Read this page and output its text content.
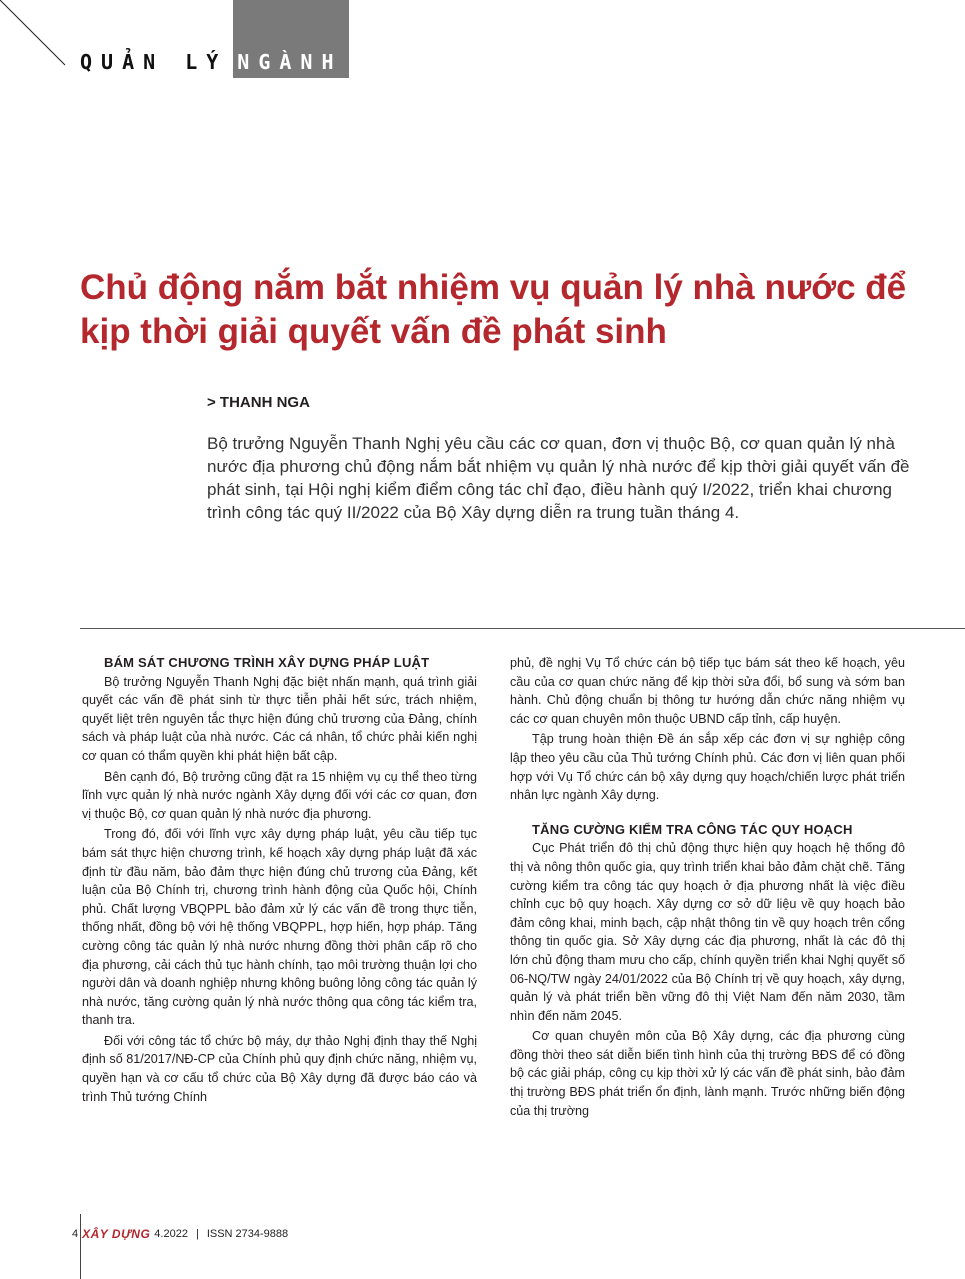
QUẢN LÝ NGÀNH
Chủ động nắm bắt nhiệm vụ quản lý nhà nước để kịp thời giải quyết vấn đề phát sinh
> THANH NGA

Bộ trưởng Nguyễn Thanh Nghị yêu cầu các cơ quan, đơn vị thuộc Bộ, cơ quan quản lý nhà nước địa phương chủ động nắm bắt nhiệm vụ quản lý nhà nước để kịp thời giải quyết vấn đề phát sinh, tại Hội nghị kiểm điểm công tác chỉ đạo, điều hành quý I/2022, triển khai chương trình công tác quý II/2022 của Bộ Xây dựng diễn ra trung tuần tháng 4.

BÁM SÁT CHƯƠNG TRÌNH XÂY DỰNG PHÁP LUẬT

Bộ trưởng Nguyễn Thanh Nghị đặc biệt nhấn mạnh, quá trình giải quyết các vấn đề phát sinh từ thực tiễn phải hết sức, trách nhiệm, quyết liệt trên nguyên tắc thực hiện đúng chủ trương của Đảng, chính sách và pháp luật của nhà nước. Các cá nhân, tổ chức phải kiến nghị cơ quan có thẩm quyền khi phát hiện bất cập.

Bên cạnh đó, Bộ trưởng cũng đặt ra 15 nhiệm vụ cụ thể theo từng lĩnh vực quản lý nhà nước ngành Xây dựng đối với các cơ quan, đơn vị thuộc Bộ, cơ quan quản lý nhà nước địa phương.

Trong đó, đối với lĩnh vực xây dựng pháp luật, yêu cầu tiếp tục bám sát thực hiện chương trình, kế hoạch xây dựng pháp luật đã xác định từ đầu năm, bảo đảm thực hiện đúng chủ trương của Đảng, kết luận của Bộ Chính trị, chương trình hành động của Quốc hội, Chính phủ. Chất lượng VBQPPL bảo đảm xử lý các vấn đề trong thực tiễn, thống nhất, đồng bộ với hệ thống VBQPPL, hợp hiến, hợp pháp. Tăng cường công tác quản lý nhà nước nhưng đồng thời phân cấp rõ cho địa phương, cải cách thủ tục hành chính, tạo môi trường thuận lợi cho người dân và doanh nghiệp nhưng không buông lỏng công tác quản lý nhà nước, tăng cường quản lý nhà nước thông qua công tác kiểm tra, thanh tra.

Đối với công tác tổ chức bộ máy, dự thảo Nghị định thay thế Nghị định số 81/2017/NĐ-CP của Chính phủ quy định chức năng, nhiệm vụ, quyền hạn và cơ cấu tổ chức của Bộ Xây dựng đã được báo cáo và trình Thủ tướng Chính

phủ, đề nghị Vụ Tổ chức cán bộ tiếp tục bám sát theo kế hoạch, yêu cầu của cơ quan chức năng để kịp thời sửa đổi, bổ sung và sớm ban hành. Chủ động chuẩn bị thông tư hướng dẫn chức năng nhiệm vụ các cơ quan chuyên môn thuộc UBND cấp tỉnh, cấp huyện.

Tập trung hoàn thiện Đề án sắp xếp các đơn vị sự nghiệp công lập theo yêu cầu của Thủ tướng Chính phủ. Các đơn vị liên quan phối hợp với Vụ Tổ chức cán bộ xây dựng quy hoạch/chiến lược phát triển nhân lực ngành Xây dựng.

TĂNG CƯỜNG KIỂM TRA CÔNG TÁC QUY HOẠCH

Cục Phát triển đô thị chủ động thực hiện quy hoạch hệ thống đô thị và nông thôn quốc gia, quy trình triển khai bảo đảm chặt chẽ. Tăng cường kiểm tra công tác quy hoạch ở địa phương nhất là việc điều chỉnh cục bộ quy hoạch. Xây dựng cơ sở dữ liệu về quy hoạch bảo đảm công khai, minh bạch, cập nhật thông tin về quy hoạch trên cổng thông tin quốc gia. Sở Xây dựng các địa phương, nhất là các đô thị lớn chủ động tham mưu cho cấp, chính quyền triển khai Nghị quyết số 06-NQ/TW ngày 24/01/2022 của Bộ Chính trị về quy hoạch, xây dựng, quản lý và phát triển bền vững đô thị Việt Nam đến năm 2030, tầm nhìn đến năm 2045.

Cơ quan chuyên môn của Bộ Xây dựng, các địa phương cùng đồng thời theo sát diễn biến tình hình của thị trường BĐS để có đồng bộ các giải pháp, công cụ kịp thời xử lý các vấn đề phát sinh, bảo đảm thị trường BĐS phát triển ổn định, lành mạnh. Trước những biến động của thị trường

4 XÂY DỰNG 4.2022 | ISSN 2734-9888
